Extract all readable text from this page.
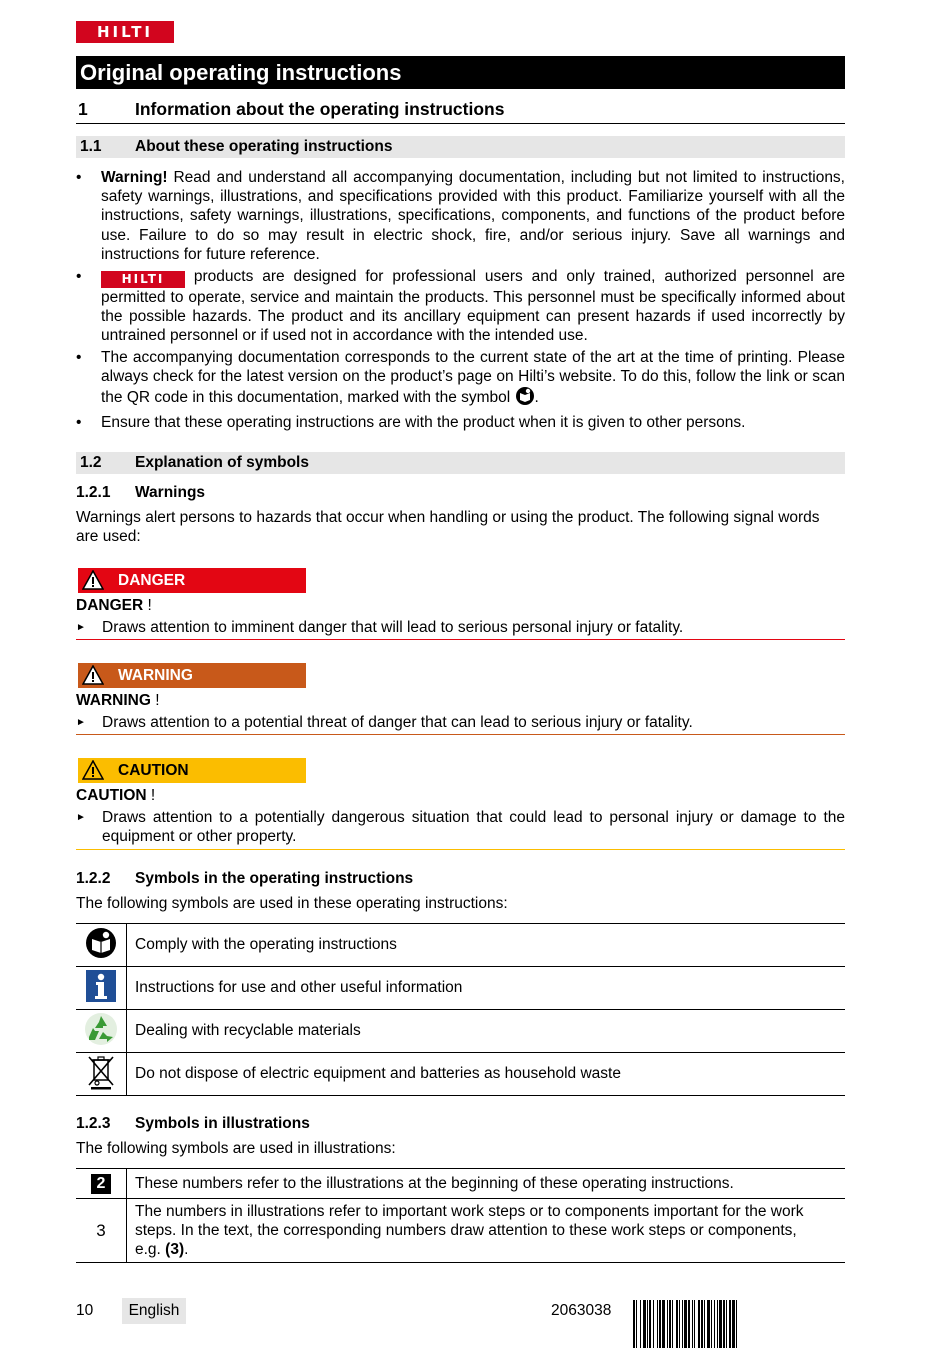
HILTI
Original operating instructions
1	Information about the operating instructions
1.1 About these operating instructions
• Warning! Read and understand all accompanying documentation, including but not limited to instructions, safety warnings, illustrations, and specifications provided with this product. Familiarize yourself with all the instructions, safety warnings, illustrations, specifications, components, and functions of the product before use. Failure to do so may result in electric shock, fire, and/or serious injury. Save all warnings and instructions for future reference.
•	HILTI products are designed for professional users and only trained, authorized personnel are permitted to operate, service and maintain the products. This personnel must be specifically informed about the possible hazards. The product and its ancillary equipment can present hazards if used incorrectly by untrained personnel or if used not in accordance with the intended use.
• The accompanying documentation corresponds to the current state of the art at the time of printing. Please always check for the latest version on the product’s page on Hilti’s website. To do this, follow the link or scan the QR code in this documentation, marked with the symbol .
• Ensure that these operating instructions are with the product when it is given to other persons.
1.2 Explanation of symbols
1.2.1 Warnings
Warnings alert persons to hazards that occur when handling or using the product. The following signal words are used:
DANGER
DANGER !
►	Draws attention to imminent danger that will lead to serious personal injury or fatality.
WARNING
WARNING !
►	Draws attention to a potential threat of danger that can lead to serious injury or fatality.
CAUTION
CAUTION !
►	Draws attention to a potentially dangerous situation that could lead to personal injury or damage to the equipment or other property.
1.2.2 Symbols in the operating instructions
The following symbols are used in these operating instructions:
	Comply with the operating instructions
	Instructions for use and other useful information
	Dealing with recyclable materials
	Do not dispose of electric equipment and batteries as household waste
1.2.3 Symbols in illustrations
The following symbols are used in illustrations:
2	These numbers refer to the illustrations at the beginning of these operating instructions.
3	The numbers in illustrations refer to important work steps or to components important for the work steps. In the text, the corresponding numbers draw attention to these work steps or components, e.g. (3).
10	English	2063038
